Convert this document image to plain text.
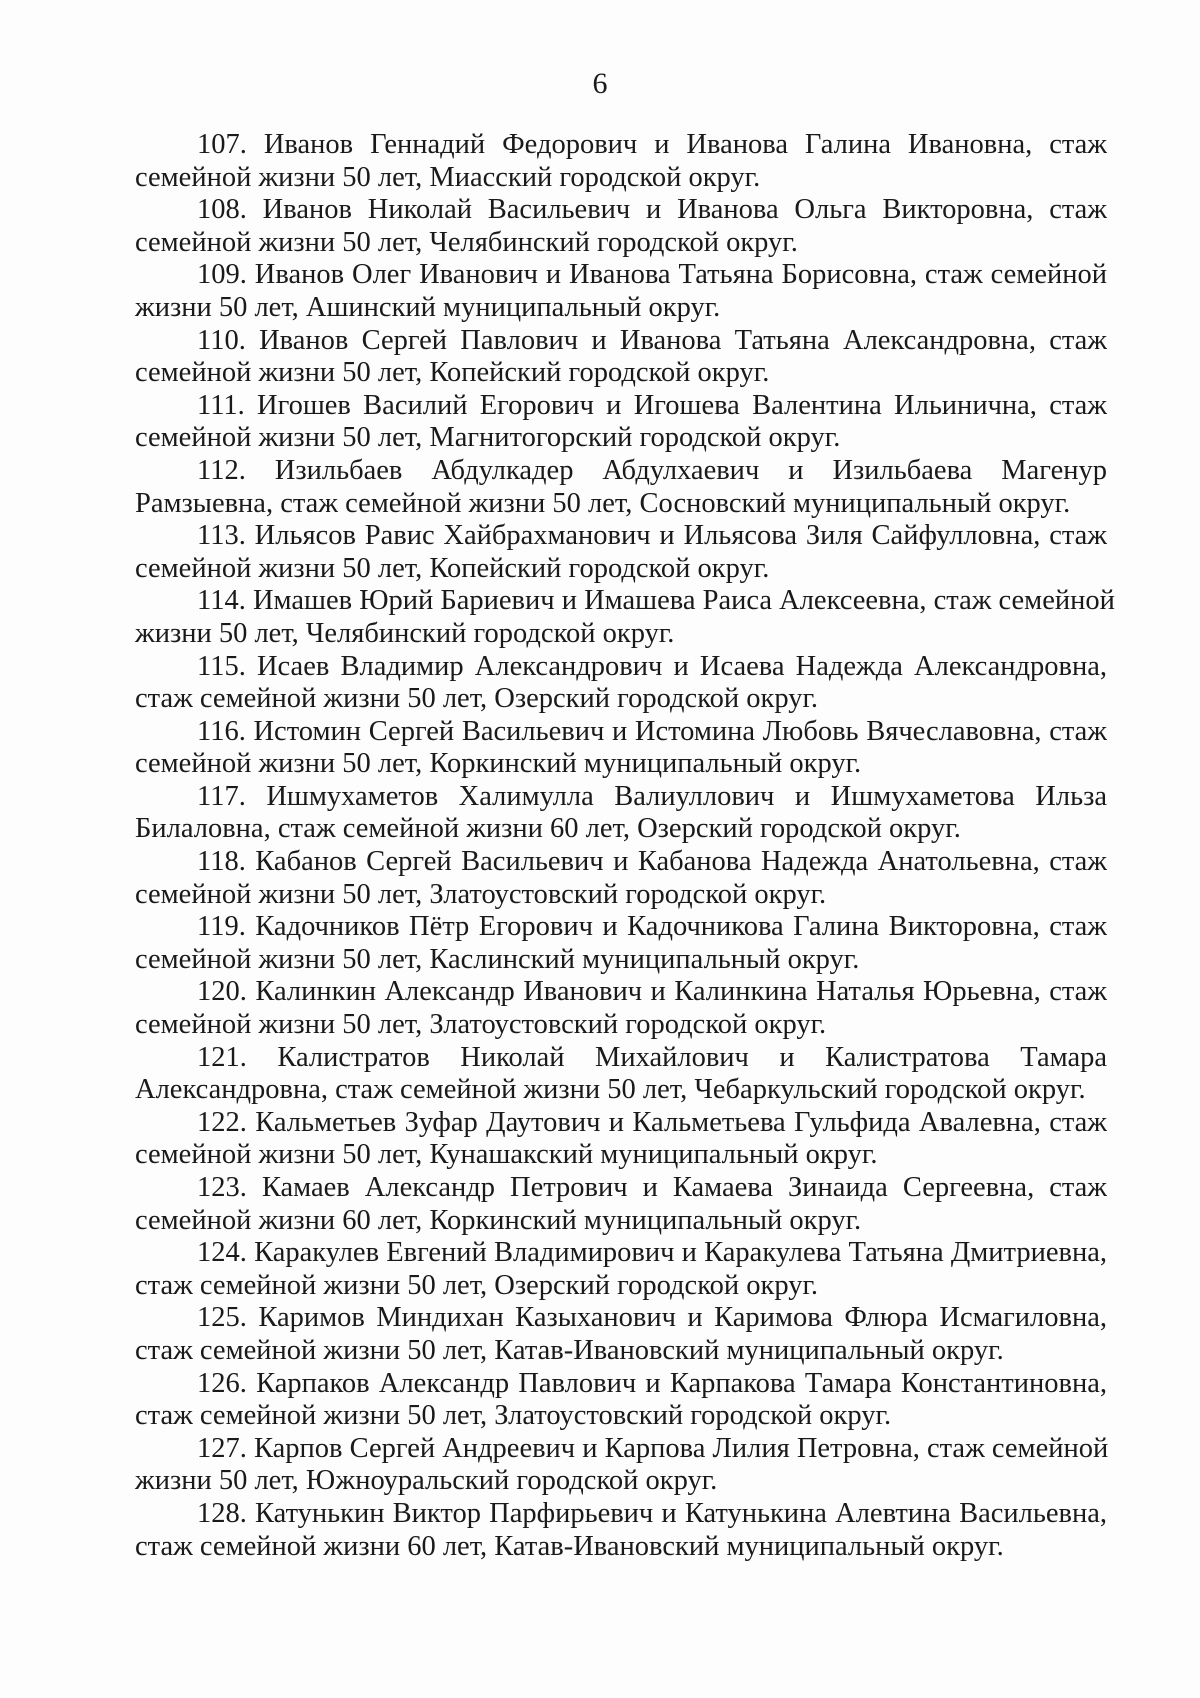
6
107. Иванов Геннадий Федорович и Иванова Галина Ивановна, стаж
семейной жизни 50 лет, Миасский городской округ.
108. Иванов Николай Васильевич и Иванова Ольга Викторовна, стаж
семейной жизни 50 лет, Челябинский городской округ.
109. Иванов Олег Иванович и Иванова Татьяна Борисовна, стаж семейной
жизни 50 лет, Ашинский муниципальный округ.
110. Иванов Сергей Павлович и Иванова Татьяна Александровна, стаж
семейной жизни 50 лет, Копейский городской округ.
111. Игошев Василий Егорович и Игошева Валентина Ильинична, стаж
семейной жизни 50 лет, Магнитогорский городской округ.
112. Изильбаев Абдулкадер Абдулхаевич и Изильбаева Магенур
Рамзыевна, стаж семейной жизни 50 лет, Сосновский муниципальный округ.
113. Ильясов Равис Хайбрахманович и Ильясова Зиля Сайфулловна, стаж
семейной жизни 50 лет, Копейский городской округ.
114. Имашев Юрий Бариевич и Имашева Раиса Алексеевна, стаж семейной
жизни 50 лет, Челябинский городской округ.
115. Исаев Владимир Александрович и Исаева Надежда Александровна,
стаж семейной жизни 50 лет, Озерский городской округ.
116. Истомин Сергей Васильевич и Истомина Любовь Вячеславовна, стаж
семейной жизни 50 лет, Коркинский муниципальный округ.
117. Ишмухаметов Халимулла Валиуллович и Ишмухаметова Ильза
Билаловна, стаж семейной жизни 60 лет, Озерский городской округ.
118. Кабанов Сергей Васильевич и Кабанова Надежда Анатольевна, стаж
семейной жизни 50 лет, Златоустовский городской округ.
119. Кадочников Пётр Егорович и Кадочникова Галина Викторовна, стаж
семейной жизни 50 лет, Каслинский муниципальный округ.
120. Калинкин Александр Иванович и Калинкина Наталья Юрьевна, стаж
семейной жизни 50 лет, Златоустовский городской округ.
121. Калистратов Николай Михайлович и Калистратова Тамара
Александровна, стаж семейной жизни 50 лет, Чебаркульский городской округ.
122. Кальметьев Зуфар Даутович и Кальметьева Гульфида Авалевна, стаж
семейной жизни 50 лет, Кунашакский муниципальный округ.
123. Камаев Александр Петрович и Камаева Зинаида Сергеевна, стаж
семейной жизни 60 лет, Коркинский муниципальный округ.
124. Каракулев Евгений Владимирович и Каракулева Татьяна Дмитриевна,
стаж семейной жизни 50 лет, Озерский городской округ.
125. Каримов Миндихан Казыханович и Каримова Флюра Исмагиловна,
стаж семейной жизни 50 лет, Катав-Ивановский муниципальный округ.
126. Карпаков Александр Павлович и Карпакова Тамара Константиновна,
стаж семейной жизни 50 лет, Златоустовский городской округ.
127. Карпов Сергей Андреевич и Карпова Лилия Петровна, стаж семейной
жизни 50 лет, Южноуральский городской округ.
128. Катунькин Виктор Парфирьевич и Катунькина Алевтина Васильевна,
стаж семейной жизни 60 лет, Катав-Ивановский муниципальный округ.
